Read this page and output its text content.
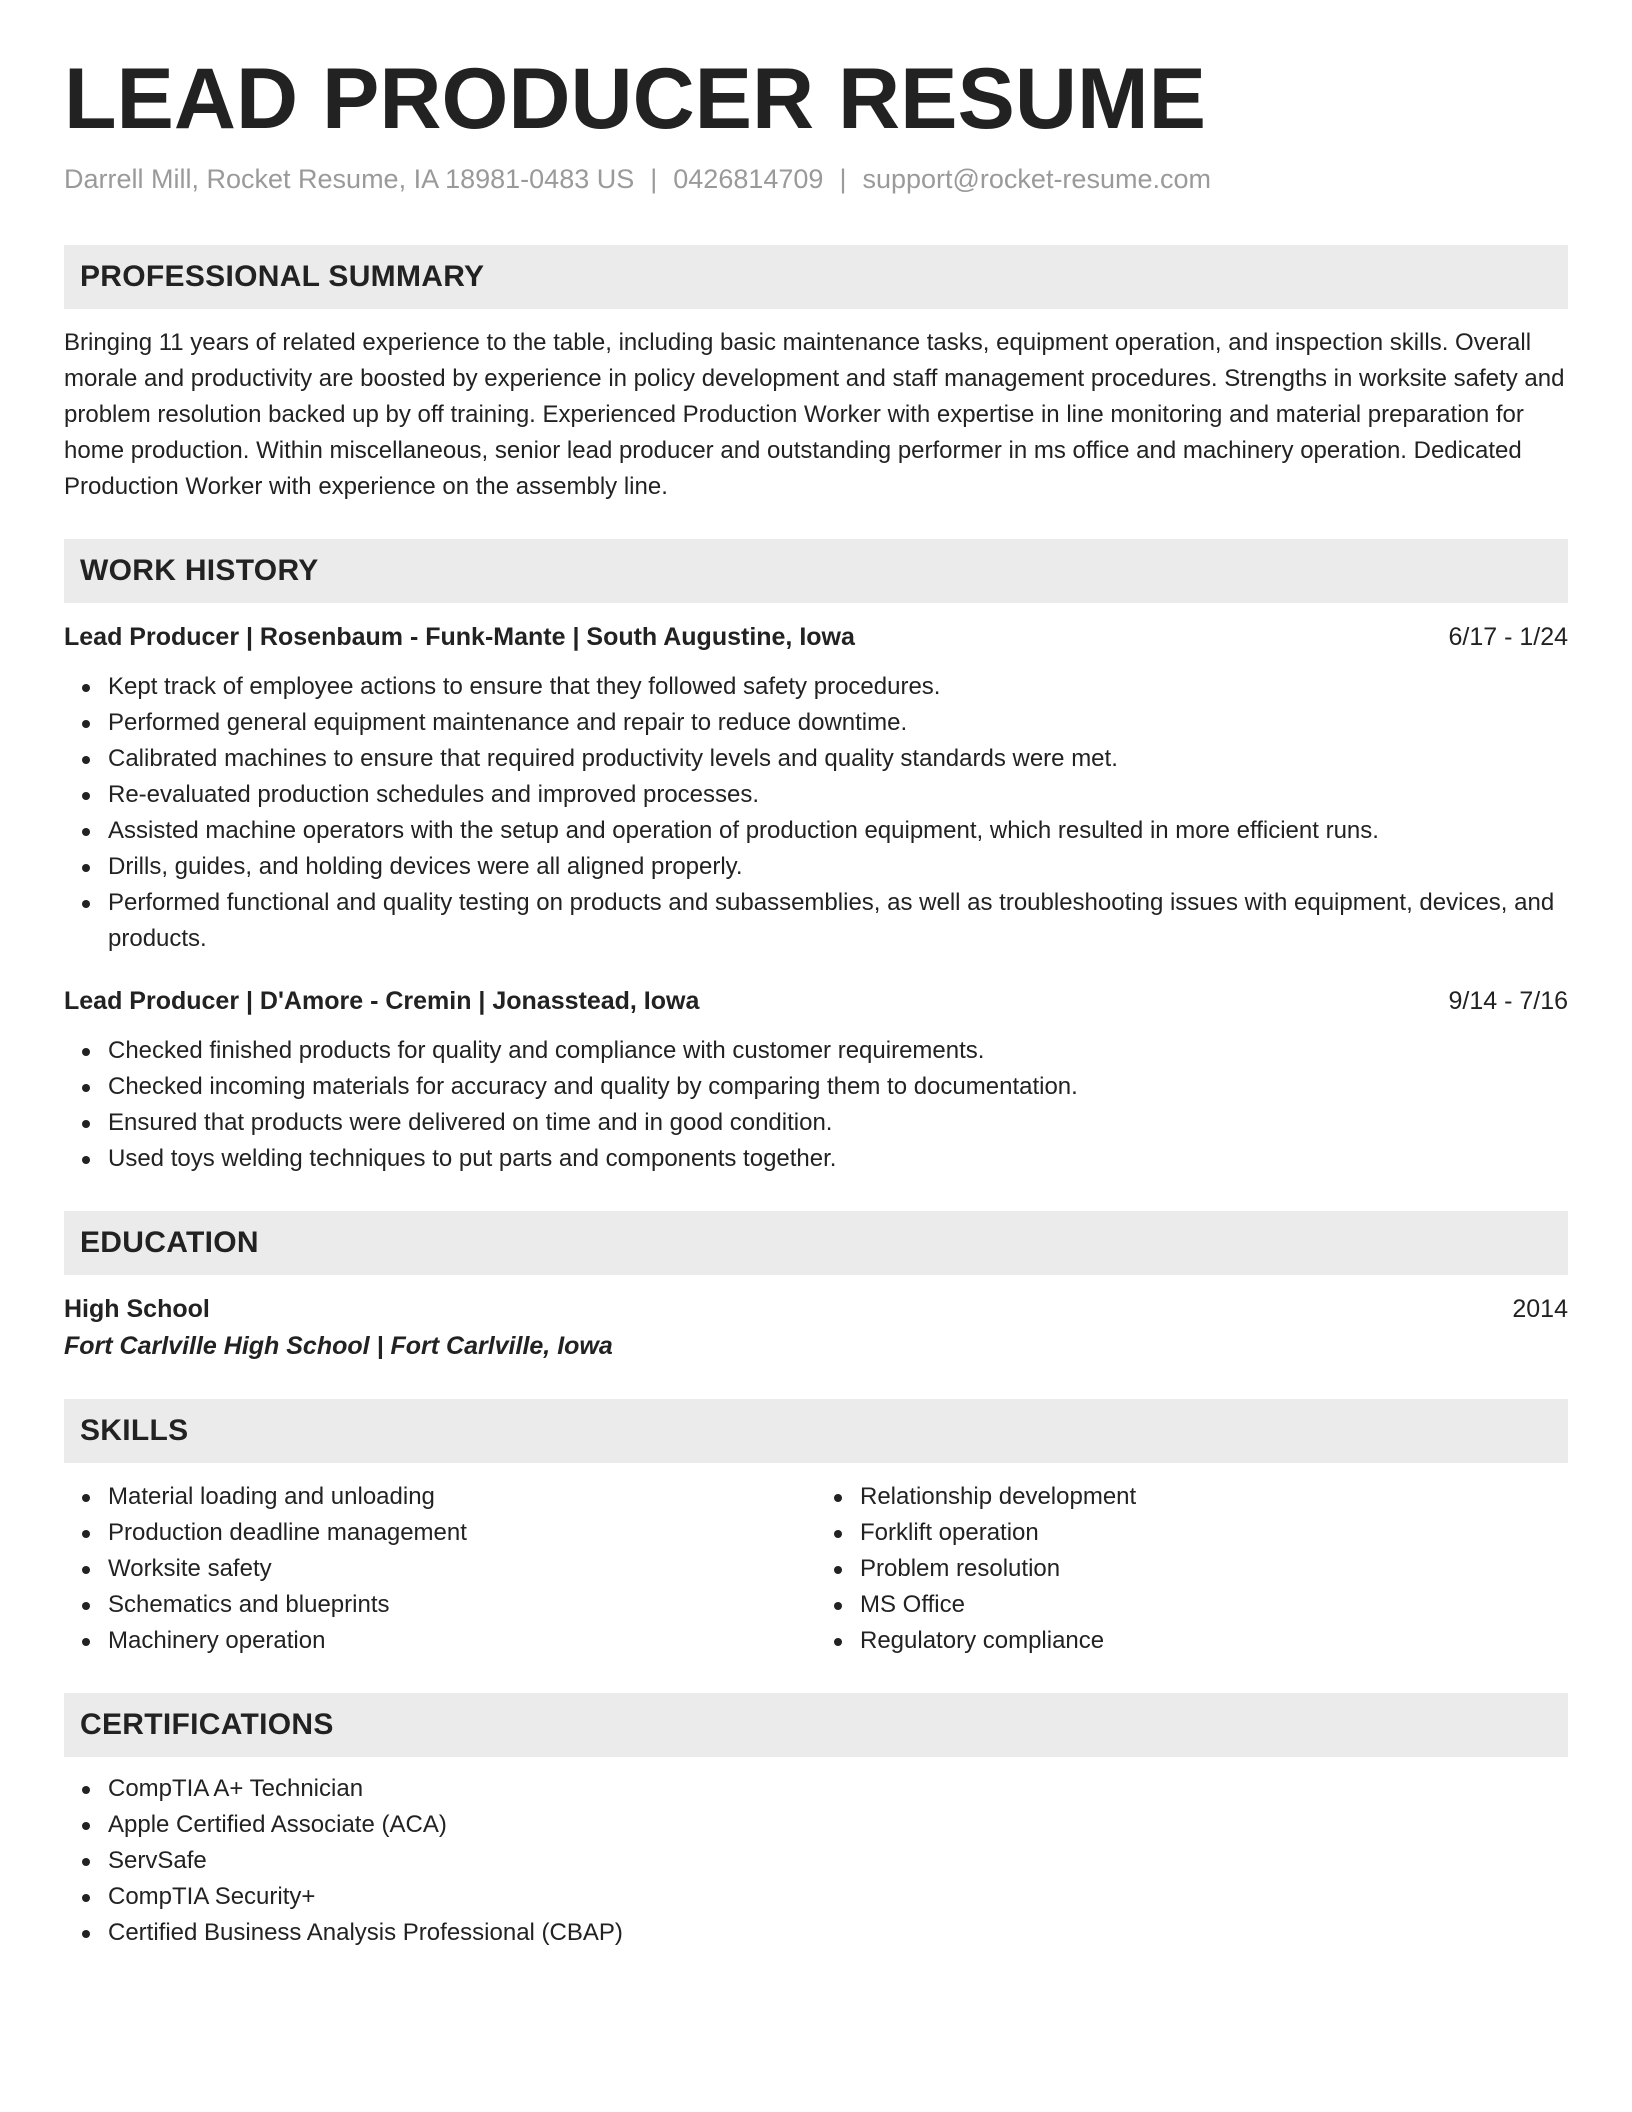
LEAD PRODUCER RESUME
Darrell Mill, Rocket Resume, IA 18981-0483 US | 0426814709 | support@rocket-resume.com
PROFESSIONAL SUMMARY

Bringing 11 years of related experience to the table, including basic maintenance tasks, equipment operation, and inspection skills. Overall morale and productivity are boosted by experience in policy development and staff management procedures. Strengths in worksite safety and problem resolution backed up by off training. Experienced Production Worker with expertise in line monitoring and material preparation for home production. Within miscellaneous, senior lead producer and outstanding performer in ms office and machinery operation. Dedicated Production Worker with experience on the assembly line.

WORK HISTORY
Lead Producer | Rosenbaum - Funk-Mante | South Augustine, Iowa	6/17 - 1/24
Kept track of employee actions to ensure that they followed safety procedures.
Performed general equipment maintenance and repair to reduce downtime.
Calibrated machines to ensure that required productivity levels and quality standards were met.
Re-evaluated production schedules and improved processes.
Assisted machine operators with the setup and operation of production equipment, which resulted in more efficient runs.
Drills, guides, and holding devices were all aligned properly.
Performed functional and quality testing on products and subassemblies, as well as troubleshooting issues with equipment, devices, and products.
Lead Producer | D'Amore - Cremin | Jonasstead, Iowa	9/14 - 7/16
Checked finished products for quality and compliance with customer requirements.
Checked incoming materials for accuracy and quality by comparing them to documentation.
Ensured that products were delivered on time and in good condition.
Used toys welding techniques to put parts and components together.
EDUCATION
High School	2014
Fort Carlville High School | Fort Carlville, Iowa
SKILLS
Material loading and unloading
Production deadline management
Worksite safety
Schematics and blueprints
Machinery operation
Relationship development
Forklift operation
Problem resolution
MS Office
Regulatory compliance
CERTIFICATIONS
CompTIA A+ Technician
Apple Certified Associate (ACA)
ServSafe
CompTIA Security+
Certified Business Analysis Professional (CBAP)
